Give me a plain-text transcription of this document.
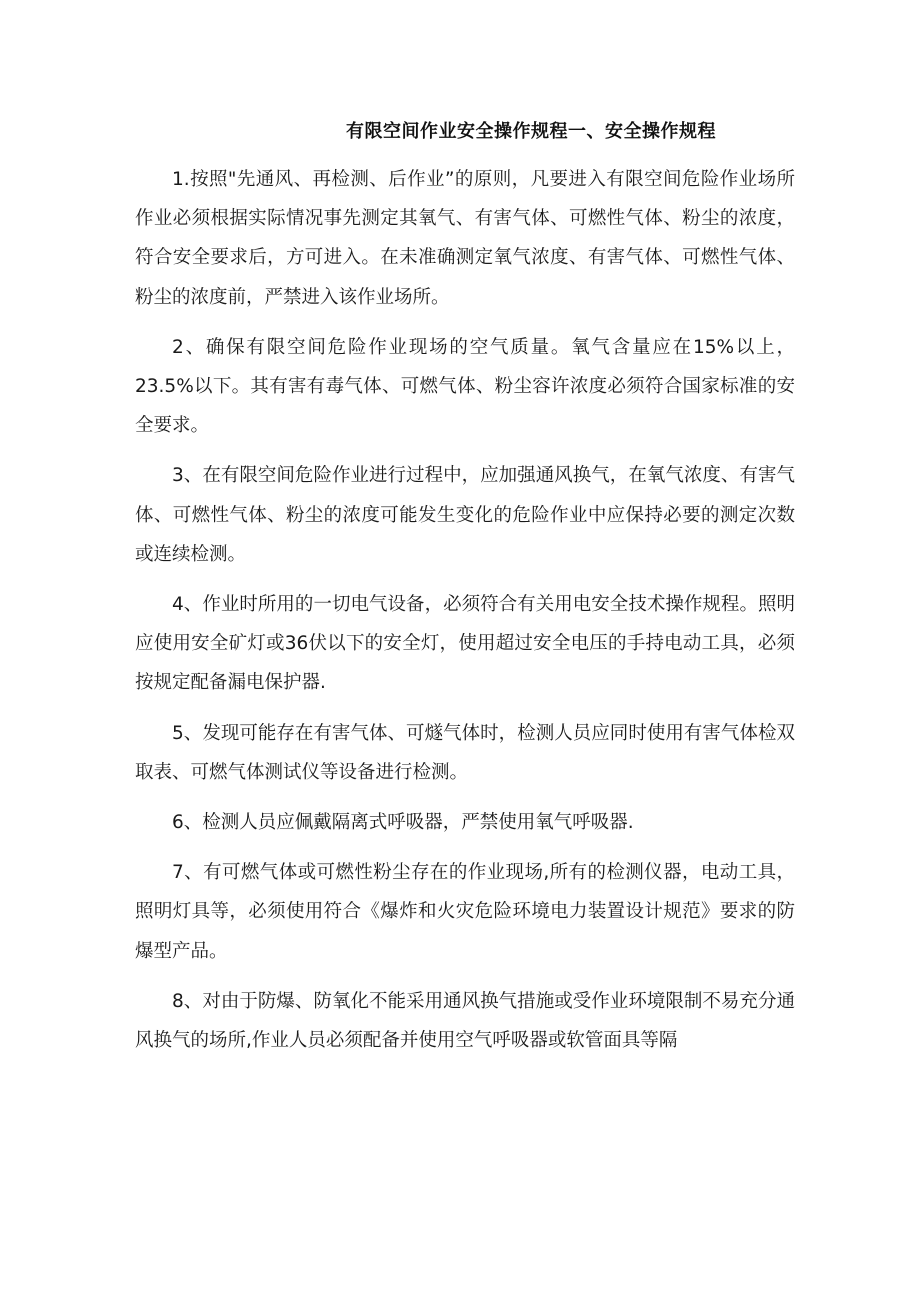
有限空间作业安全操作规程一、安全操作规程

1.按照"先通风、再检测、后作业”的原则，凡要进入有限空间危险作业场所作业必须根据实际情况事先测定其氧气、有害气体、可燃性气体、粉尘的浓度，符合安全要求后，方可进入。在未准确测定氧气浓度、有害气体、可燃性气体、粉尘的浓度前，严禁进入该作业场所。

2、确保有限空间危险作业现场的空气质量。氧气含量应在15%以上，23.5%以下。其有害有毒气体、可燃气体、粉尘容许浓度必须符合国家标准的安全要求。

3、在有限空间危险作业进行过程中，应加强通风换气，在氧气浓度、有害气体、可燃性气体、粉尘的浓度可能发生变化的危险作业中应保持必要的测定次数或连续检测。

4、作业时所用的一切电气设备，必须符合有关用电安全技术操作规程。照明应使用安全矿灯或36伏以下的安全灯，使用超过安全电压的手持电动工具，必须按规定配备漏电保护器.

5、发现可能存在有害气体、可燧气体时，检测人员应同时使用有害气体检双取表、可燃气体测试仪等设备进行检测。

6、检测人员应佩戴隔离式呼吸器，严禁使用氧气呼吸器.

7、有可燃气体或可燃性粉尘存在的作业现场,所有的检测仪器，电动工具，照明灯具等，必须使用符合《爆炸和火灾危险环境电力装置设计规范》要求的防爆型产品。

8、对由于防爆、防氧化不能采用通风换气措施或受作业环境限制不易充分通风换气的场所,作业人员必须配备并使用空气呼吸器或软管面具等隔
